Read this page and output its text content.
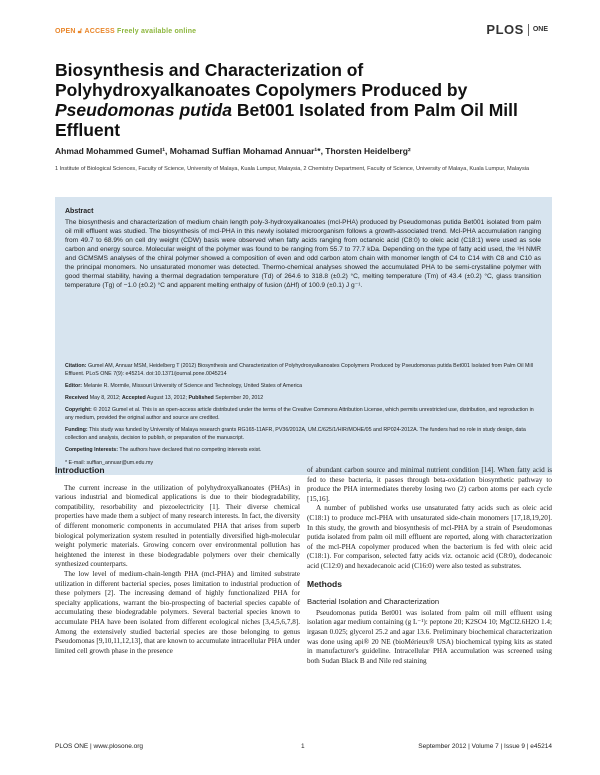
OPEN 🔓︎ ACCESS Freely available online	PLOS ONE
Biosynthesis and Characterization of
Polyhydroxyalkanoates Copolymers Produced by
Pseudomonas putida Bet001 Isolated from Palm Oil Mill
Effluent
Ahmad Mohammed Gumel¹, Mohamad Suffian Mohamad Annuar¹*, Thorsten Heidelberg²
1 Institute of Biological Sciences, Faculty of Science, University of Malaya, Kuala Lumpur, Malaysia, 2 Chemistry Department, Faculty of Science, University of Malaya, Kuala Lumpur, Malaysia
Abstract
The biosynthesis and characterization of medium chain length poly-3-hydroxyalkanoates (mcl-PHA) produced by Pseudomonas putida Bet001 isolated from palm oil mill effluent was studied. The biosynthesis of mcl-PHA in this newly isolated microorganism follows a growth-associated trend. Mcl-PHA accumulation ranging from 49.7 to 68.9% on cell dry weight (CDW) basis were observed when fatty acids ranging from octanoic acid (C8:0) to oleic acid (C18:1) were used as sole carbon and energy source. Molecular weight of the polymer was found to be ranging from 55.7 to 77.7 kDa. Depending on the type of fatty acid used, the ¹H NMR and GCMSMS analyses of the chiral polymer showed a composition of even and odd carbon atom chain with monomer length of C4 to C14 with C8 and C10 as the principal monomers. No unsaturated monomer was detected. Thermo-chemical analyses showed the accumulated PHA to be semi-crystalline polymer with good thermal stability, having a thermal degradation temperature (Td) of 264.6 to 318.8 (±0.2) °C, melting temperature (Tm) of 43.4 (±0.2) °C, glass transition temperature (Tg) of −1.0 (±0.2) °C and apparent melting enthalpy of fusion (ΔHf) of 100.9 (±0.1) J g⁻¹.
Citation: Gumel AM, Annuar MSM, Heidelberg T (2012) Biosynthesis and Characterization of Polyhydroxyalkanoates Copolymers Produced by Pseudomonas putida Bet001 Isolated from Palm Oil Mill Effluent. PLoS ONE 7(9): e45214. doi:10.1371/journal.pone.0045214
Editor: Melanie R. Mormile, Missouri University of Science and Technology, United States of America
Received May 8, 2012; Accepted August 13, 2012; Published September 20, 2012
Copyright: © 2012 Gumel et al. This is an open-access article distributed under the terms of the Creative Commons Attribution License, which permits unrestricted use, distribution, and reproduction in any medium, provided the original author and source are credited.
Funding: This study was funded by University of Malaya research grants RG165-11AFR, PV36/2012A, UM.C/625/1/HIR/MOHE/05 and RP024-2012A. The funders had no role in study design, data collection and analysis, decision to publish, or preparation of the manuscript.
Competing Interests: The authors have declared that no competing interests exist.
* E-mail: suffian_annuar@um.edu.my
Introduction

The current increase in the utilization of polyhydroxyalkanoates (PHAs) in various industrial and biomedical applications is due to their biodegradability, compatibility, resorbability and piezoelectricity [1]. Their diverse chemical properties have made them a subject of many research interests. In fact, the diversity of different monomeric components in accumulated PHA that arises from superb biological polymerization system resulted in potentially diversified high-molecular weight polymeric materials. Growing concern over environmental pollution has heightened the interest in these biodegradable polymers over their chemically synthesized counterparts.

The low level of medium-chain-length PHA (mcl-PHA) and limited substrate utilization in different bacterial species, poses limitation to industrial production of these polymers [2]. The increasing demand of highly functionalized PHA for specialty applications, warrant the bio-prospecting of bacterial species capable of accumulating these biodegradable polymers. Several bacterial species known to accumulate PHA have been isolated from different ecological niches [3,4,5,6,7,8]. Among the extensively studied bacterial species are those belonging to genus Pseudomonas [9,10,11,12,13], that are known to accumulate intracellular PHA under limited cell growth phase in the presence

of abundant carbon source and minimal nutrient condition [14]. When fatty acid is fed to these bacteria, it passes through beta-oxidation biosynthetic pathway to produce the PHA intermediates thereby losing two (2) carbon atoms per each cycle [15,16].

A number of published works use unsaturated fatty acids such as oleic acid (C18:1) to produce mcl-PHA with unsaturated side-chain monomers [17,18,19,20]. In this study, the growth and biosynthesis of mcl-PHA by a strain of Pseudomonas putida isolated from palm oil mill effluent are reported, along with characterization of the mcl-PHA copolymer produced when the bacterium is fed with oleic acid (C18:1). For comparison, selected fatty acids viz. octanoic acid (C8:0), dodecanoic acid (C12:0) and hexadecanoic acid (C16:0) were also tested as substrates.

Methods
Bacterial Isolation and Characterization

Pseudomonas putida Bet001 was isolated from palm oil mill effluent using isolation agar medium containing (g L⁻¹): peptone 20; K2SO4 10; MgCl2.6H2O 1.4; irgasan 0.025; glycerol 25.2 and agar 13.6. Preliminary biochemical characterization was done using api® 20 NE (bioMérieux® USA) biochemical typing kits as stated in manufacturer's guideline. Intracellular PHA accumulation was screened using both Sudan Black B and Nile red staining

PLOS ONE | www.plosone.org	1	September 2012 | Volume 7 | Issue 9 | e45214
